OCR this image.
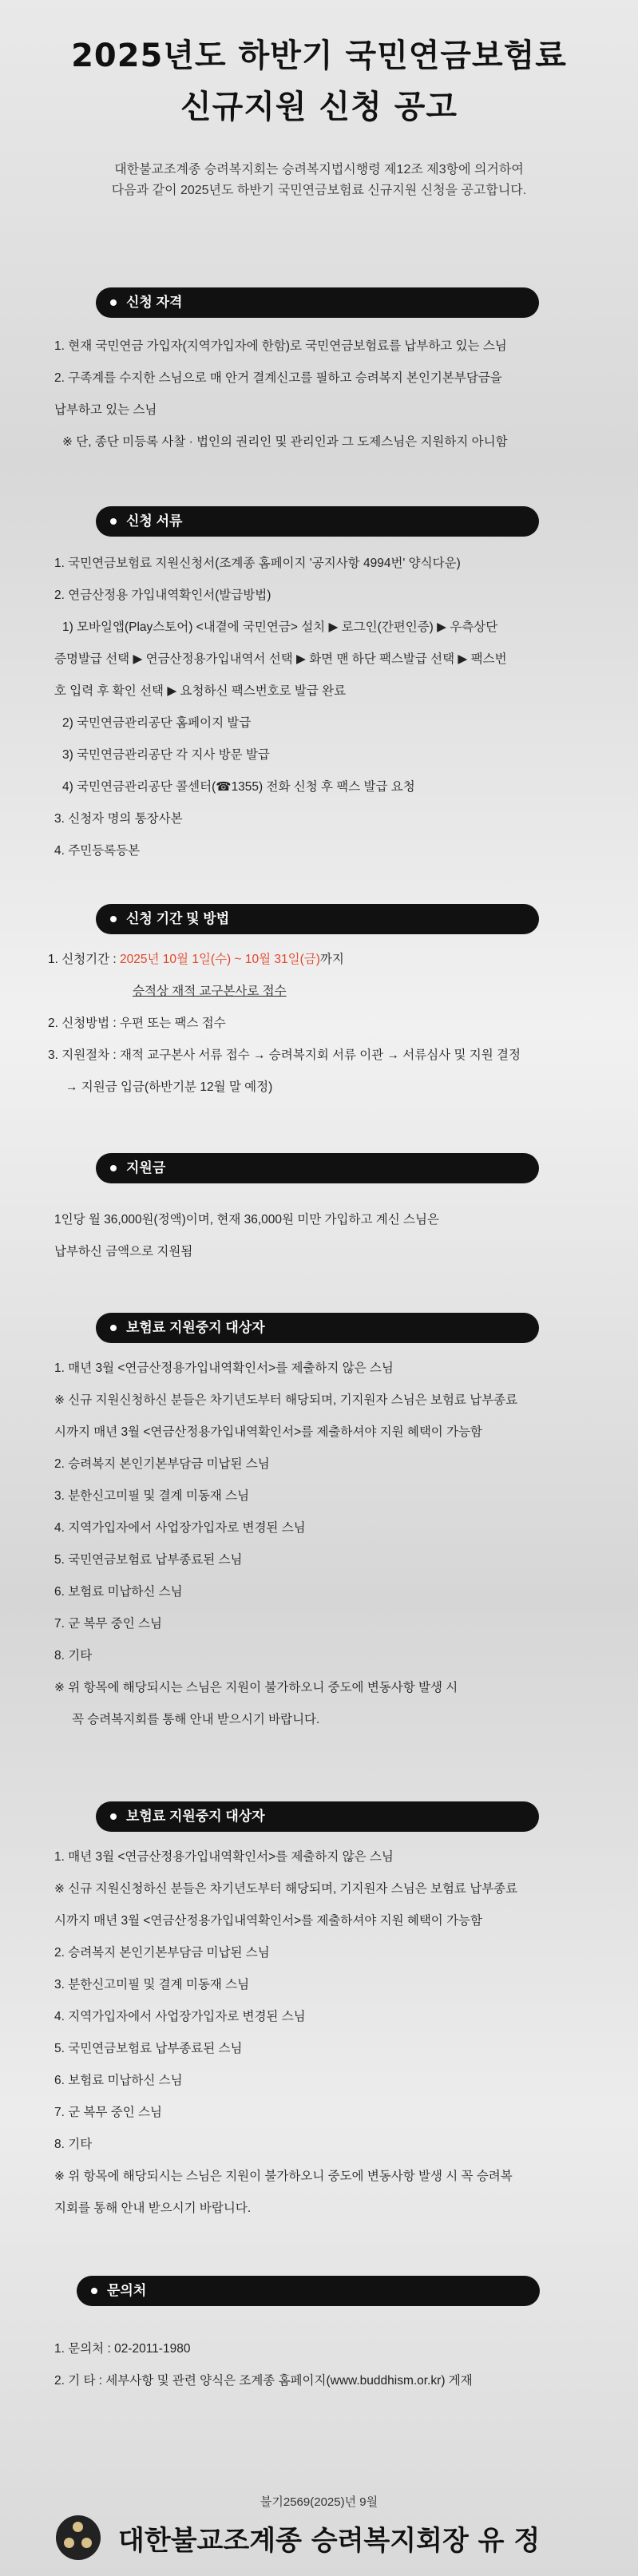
2025년도 하반기 국민연금보험료
신규지원 신청 공고
대한불교조계종 승려복지회는 승려복지법시행령 제12조 제3항에 의거하여
다음과 같이 2025년도 하반기 국민연금보험료 신규지원 신청을 공고합니다.
신청 자격
1. 현재 국민연금 가입자(지역가입자에 한함)로 국민연금보험료를 납부하고 있는 스님
2. 구족계를 수지한 스님으로 매 안거 결계신고를 필하고 승려복지 본인기본부담금을
납부하고 있는 스님
※ 단, 종단 미등록 사찰 · 법인의 권리인 및 관리인과 그 도제스님은 지원하지 아니함
신청 서류
1. 국민연금보험료 지원신청서(조계종 홈페이지 '공지사항 4994번' 양식다운)
2. 연금산정용 가입내역확인서(발급방법)
1) 모바일앱(Play스토어) <내곁에 국민연금> 설치 ▶ 로그인(간편인증) ▶ 우측상단
증명발급 선택 ▶ 연금산정용가입내역서 선택 ▶ 화면 맨 하단 팩스발급 선택 ▶ 팩스번
호 입력 후 확인 선택 ▶ 요청하신 팩스번호로 발급 완료
2) 국민연금관리공단 홈페이지 발급
3) 국민연금관리공단 각 지사 방문 발급
4) 국민연금관리공단 콜센터(☎1355) 전화 신청 후 팩스 발급 요청
3. 신청자 명의 통장사본
4. 주민등록등본
신청 기간 및 방법
1. 신청기간 : 2025년 10월 1일(수) ~ 10월 31일(금)까지
승적상 재적 교구본사로 접수
2. 신청방법 : 우편 또는 팩스 접수
3. 지원절차 : 재적 교구본사 서류 접수 → 승려복지회 서류 이관 → 서류심사 및 지원 결정
→ 지원금 입금(하반기분 12월 말 예정)
지원금
1인당 월 36,000원(정액)이며, 현재 36,000원 미만 가입하고 계신 스님은
납부하신 금액으로 지원됨
보험료 지원중지 대상자
1. 매년 3월 <연금산정용가입내역확인서>를 제출하지 않은 스님
※ 신규 지원신청하신 분들은 차기년도부터 해당되며, 기지원자 스님은 보험료 납부종료
시까지 매년 3월 <연금산정용가입내역확인서>를 제출하셔야 지원 혜택이 가능함
2. 승려복지 본인기본부담금 미납된 스님
3. 분한신고미필 및 결계 미동재 스님
4. 지역가입자에서 사업장가입자로 변경된 스님
5. 국민연금보험료 납부종료된 스님
6. 보험료 미납하신 스님
7. 군 복무 중인 스님
8. 기타
※ 위 항목에 해당되시는 스님은 지원이 불가하오니 중도에 변동사항 발생 시
꼭 승려복지회를 통해 안내 받으시기 바랍니다.
보험료 지원중지 대상자
1. 매년 3월 <연금산정용가입내역확인서>를 제출하지 않은 스님
※ 신규 지원신청하신 분들은 차기년도부터 해당되며, 기지원자 스님은 보험료 납부종료
시까지 매년 3월 <연금산정용가입내역확인서>를 제출하셔야 지원 혜택이 가능함
2. 승려복지 본인기본부담금 미납된 스님
3. 분한신고미필 및 결계 미동재 스님
4. 지역가입자에서 사업장가입자로 변경된 스님
5. 국민연금보험료 납부종료된 스님
6. 보험료 미납하신 스님
7. 군 복무 중인 스님
8. 기타
※ 위 항목에 해당되시는 스님은 지원이 불가하오니 중도에 변동사항 발생 시 꼭 승려복
지회를 통해 안내 받으시기 바랍니다.
문의처
1. 문의처 : 02-2011-1980
2. 기 타 : 세부사항 및 관련 양식은 조계종 홈페이지(www.buddhism.or.kr) 게재
불기2569(2025)년 9월
대한불교조계종 승려복지회장 유 정
